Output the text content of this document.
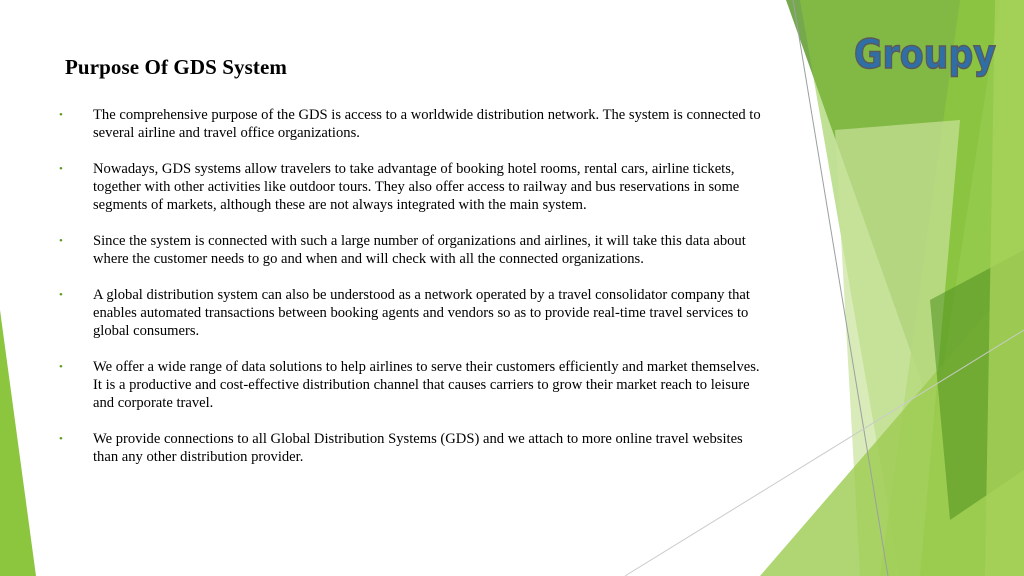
Groupy
Purpose Of GDS System
• The comprehensive purpose of the GDS is access to a worldwide distribution network. The system is connected to several airline and travel office organizations.
• Nowadays, GDS systems allow travelers to take advantage of booking hotel rooms, rental cars, airline tickets, together with other activities like outdoor tours. They also offer access to railway and bus reservations in some segments of markets, although these are not always integrated with the main system.
• Since the system is connected with such a large number of organizations and airlines, it will take this data about where the customer needs to go and when and will check with all the connected organizations.
• A global distribution system can also be understood as a network operated by a travel consolidator company that enables automated transactions between booking agents and vendors so as to provide real-time travel services to global consumers.
• We offer a wide range of data solutions to help airlines to serve their customers efficiently and market themselves. It is a productive and cost-effective distribution channel that causes carriers to grow their market reach to leisure and corporate travel.
• We provide connections to all Global Distribution Systems (GDS) and we attach to more online travel websites than any other distribution provider.
